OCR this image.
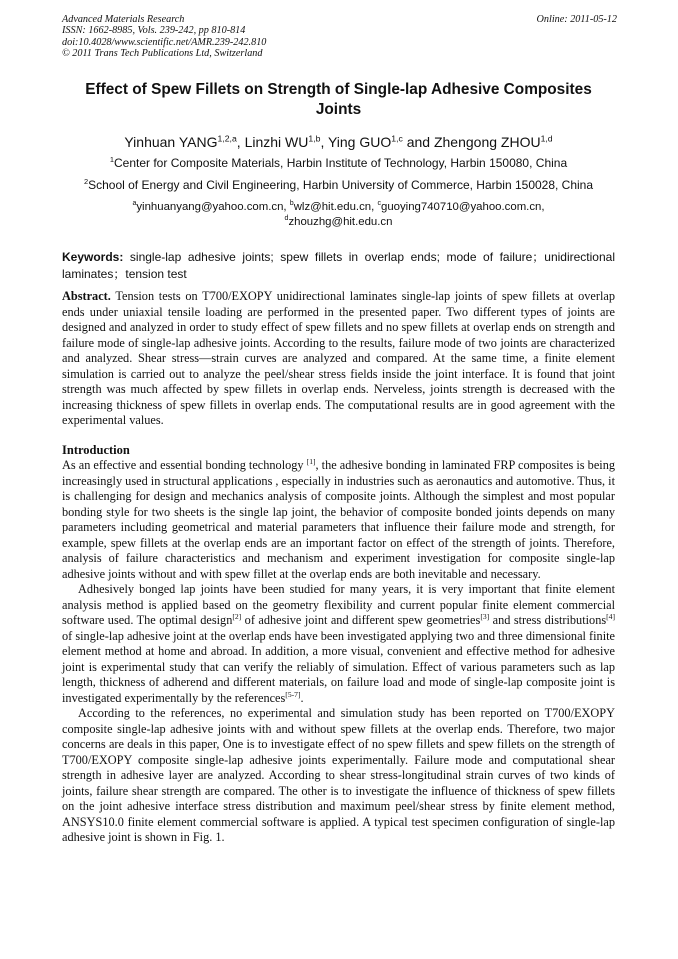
Advanced Materials Research
ISSN: 1662-8985, Vols. 239-242, pp 810-814
doi:10.4028/www.scientific.net/AMR.239-242.810
© 2011 Trans Tech Publications Ltd, Switzerland
Online: 2011-05-12
Effect of Spew Fillets on Strength of Single-lap Adhesive Composites Joints
Yinhuan YANG$^{1,2,a}$, Linzhi WU$^{1,b}$, Ying GUO$^{1,c}$ and Zhengong ZHOU$^{1,d}$
$^1$Center for Composite Materials, Harbin Institute of Technology, Harbin 150080, China
$^2$School of Energy and Civil Engineering, Harbin University of Commerce, Harbin 150028, China
$^a$yinhuanyang@yahoo.com.cn, $^b$wlz@hit.edu.cn, $^c$guoying740710@yahoo.com.cn,
$^d$zhouzhg@hit.edu.cn
Keywords: single-lap adhesive joints; spew fillets in overlap ends; mode of failure；unidirectional laminates；tension test

Abstract. Tension tests on T700/EXOPY unidirectional laminates single-lap joints of spew fillets at overlap ends under uniaxial tensile loading are performed in the presented paper. Two different types of joints are designed and analyzed in order to study effect of spew fillets and no spew fillets at overlap ends on strength and failure mode of single-lap adhesive joints. According to the results, failure mode of two joints are characterized and analyzed. Shear stress—strain curves are analyzed and compared. At the same time, a finite element simulation is carried out to analyze the peel/shear stress fields inside the joint interface. It is found that joint strength was much affected by spew fillets in overlap ends. Nerveless, joints strength is decreased with the increasing thickness of spew fillets in overlap ends. The computational results are in good agreement with the experimental values.

Introduction

As an effective and essential bonding technology [1], the adhesive bonding in laminated FRP composites is being increasingly used in structural applications , especially in industries such as aeronautics and automotive. Thus, it is challenging for design and mechanics analysis of composite joints. Although the simplest and most popular bonding style for two sheets is the single lap joint, the behavior of composite bonded joints depends on many parameters including geometrical and material parameters that influence their failure mode and strength, for example, spew fillets at the overlap ends are an important factor on effect of the strength of joints. Therefore, analysis of failure characteristics and mechanism and experiment investigation for composite single-lap adhesive joints without and with spew fillet at the overlap ends are both inevitable and necessary.

Adhesively bonged lap joints have been studied for many years, it is very important that finite element analysis method is applied based on the geometry flexibility and current popular finite element commercial software used. The optimal design[2] of adhesive joint and different spew geometries[3] and stress distributions[4] of single-lap adhesive joint at the overlap ends have been investigated applying two and three dimensional finite element method at home and abroad. In addition, a more visual, convenient and effective method for adhesive joint is experimental study that can verify the reliably of simulation. Effect of various parameters such as lap length, thickness of adherend and different materials, on failure load and mode of single-lap composite joint is investigated experimentally by the references[5-7].

According to the references, no experimental and simulation study has been reported on T700/EXOPY composite single-lap adhesive joints with and without spew fillets at the overlap ends. Therefore, two major concerns are deals in this paper, One is to investigate effect of no spew fillets and spew fillets on the strength of T700/EXOPY composite single-lap adhesive joints experimentally. Failure mode and computational shear strength in adhesive layer are analyzed. According to shear stress-longitudinal strain curves of two kinds of joints, failure shear strength are compared. The other is to investigate the influence of thickness of spew fillets on the joint adhesive interface stress distribution and maximum peel/shear stress by finite element method, ANSYS10.0 finite element commercial software is applied. A typical test specimen configuration of single-lap adhesive joint is shown in Fig. 1.
